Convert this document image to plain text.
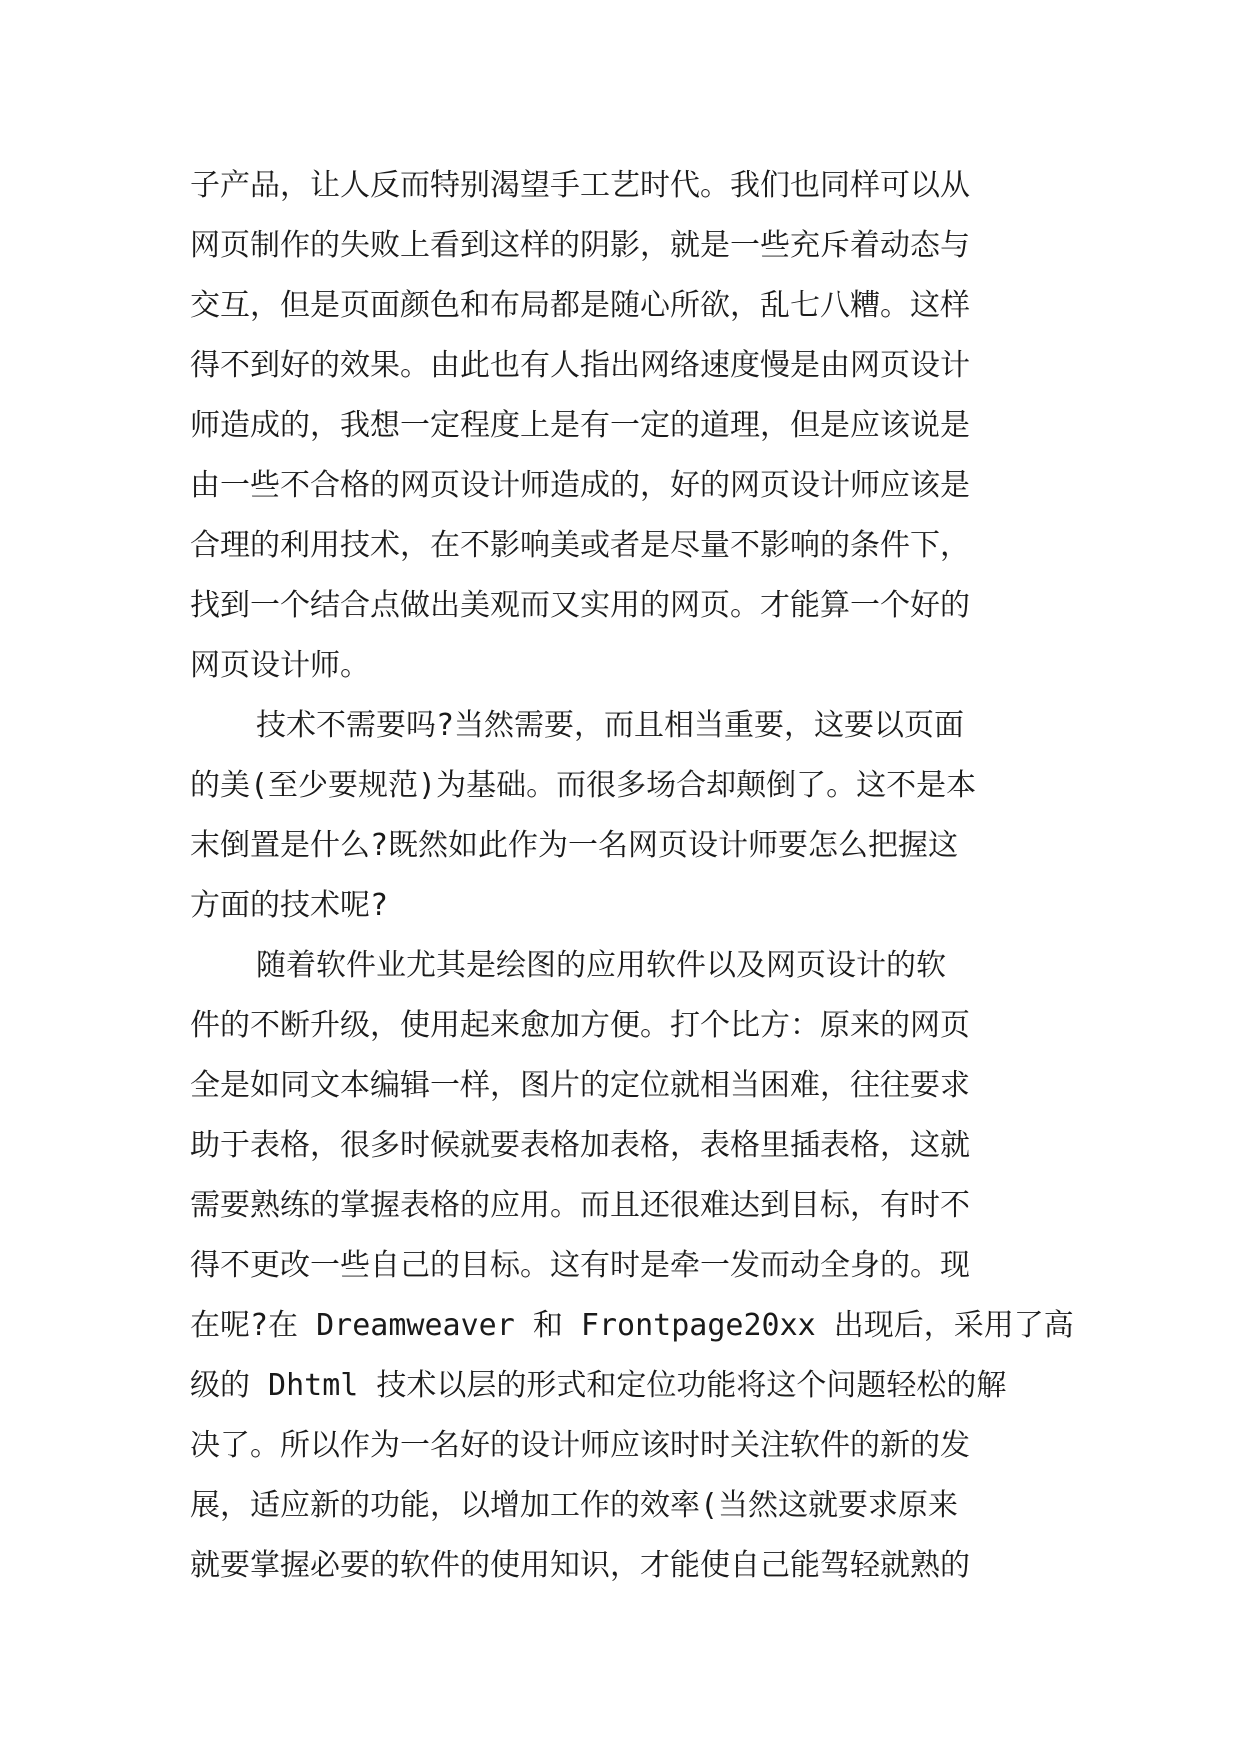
子产品，让人反而特别渴望手工艺时代。我们也同样可以从
网页制作的失败上看到这样的阴影，就是一些充斥着动态与
交互，但是页面颜色和布局都是随心所欲，乱七八糟。这样
得不到好的效果。由此也有人指出网络速度慢是由网页设计
师造成的，我想一定程度上是有一定的道理，但是应该说是
由一些不合格的网页设计师造成的，好的网页设计师应该是
合理的利用技术，在不影响美或者是尽量不影响的条件下，
找到一个结合点做出美观而又实用的网页。才能算一个好的
网页设计师。
技术不需要吗?当然需要，而且相当重要，这要以页面
的美(至少要规范)为基础。而很多场合却颠倒了。这不是本
末倒置是什么?既然如此作为一名网页设计师要怎么把握这
方面的技术呢?
随着软件业尤其是绘图的应用软件以及网页设计的软
件的不断升级，使用起来愈加方便。打个比方：原来的网页
全是如同文本编辑一样，图片的定位就相当困难，往往要求
助于表格，很多时候就要表格加表格，表格里插表格，这就
需要熟练的掌握表格的应用。而且还很难达到目标，有时不
得不更改一些自己的目标。这有时是牵一发而动全身的。现
在呢?在 Dreamweaver 和 Frontpage20xx 出现后，采用了高
级的 Dhtml 技术以层的形式和定位功能将这个问题轻松的解
决了。所以作为一名好的设计师应该时时关注软件的新的发
展，适应新的功能，以增加工作的效率(当然这就要求原来
就要掌握必要的软件的使用知识，才能使自己能驾轻就熟的
